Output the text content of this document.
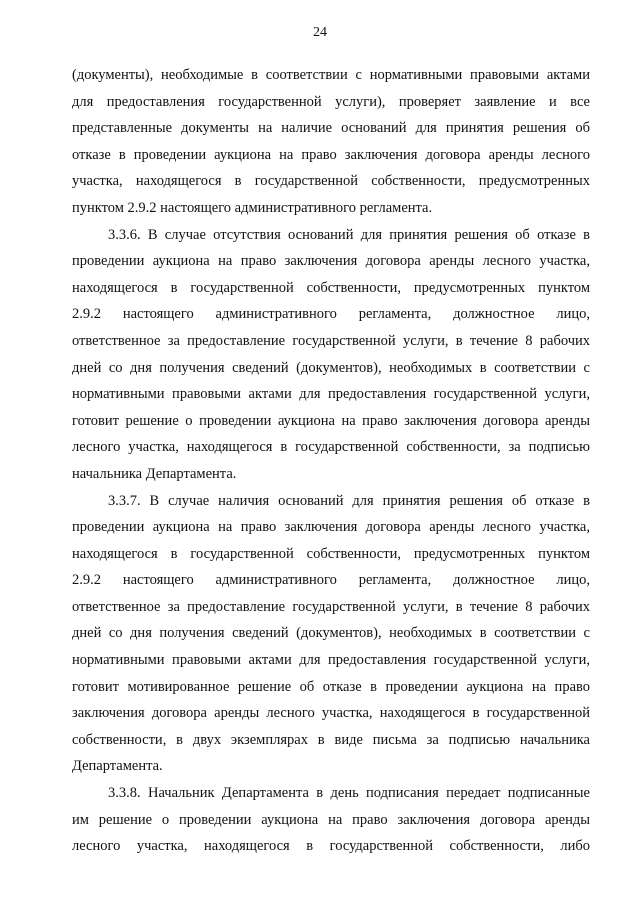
24
(документы), необходимые в соответствии с нормативными правовыми актами
для предоставления государственной услуги), проверяет заявление и все
представленные документы на наличие оснований для принятия решения об
отказе в проведении аукциона на право заключения договора аренды лесного
участка, находящегося в государственной собственности, предусмотренных
пунктом 2.9.2 настоящего административного регламента.
3.3.6. В случае отсутствия оснований для принятия решения об отказе в
проведении аукциона на право заключения договора аренды лесного участка,
находящегося в государственной собственности, предусмотренных пунктом
2.9.2 настоящего административного регламента, должностное лицо,
ответственное за предоставление государственной услуги, в течение 8 рабочих
дней со дня получения сведений (документов), необходимых в соответствии с
нормативными правовыми актами для предоставления государственной услуги,
готовит решение о проведении аукциона на право заключения договора аренды
лесного участка, находящегося в государственной собственности, за подписью
начальника Департамента.
3.3.7. В случае наличия оснований для принятия решения об отказе в
проведении аукциона на право заключения договора аренды лесного участка,
находящегося в государственной собственности, предусмотренных пунктом
2.9.2 настоящего административного регламента, должностное лицо,
ответственное за предоставление государственной услуги, в течение 8 рабочих
дней со дня получения сведений (документов), необходимых в соответствии с
нормативными правовыми актами для предоставления государственной услуги,
готовит мотивированное решение об отказе в проведении аукциона на право
заключения договора аренды лесного участка, находящегося в государственной
собственности, в двух экземплярах в виде письма за подписью начальника
Департамента.
3.3.8. Начальник Департамента в день подписания передает подписанные
им решение о проведении аукциона на право заключения договора аренды
лесного участка, находящегося в государственной собственности, либо
